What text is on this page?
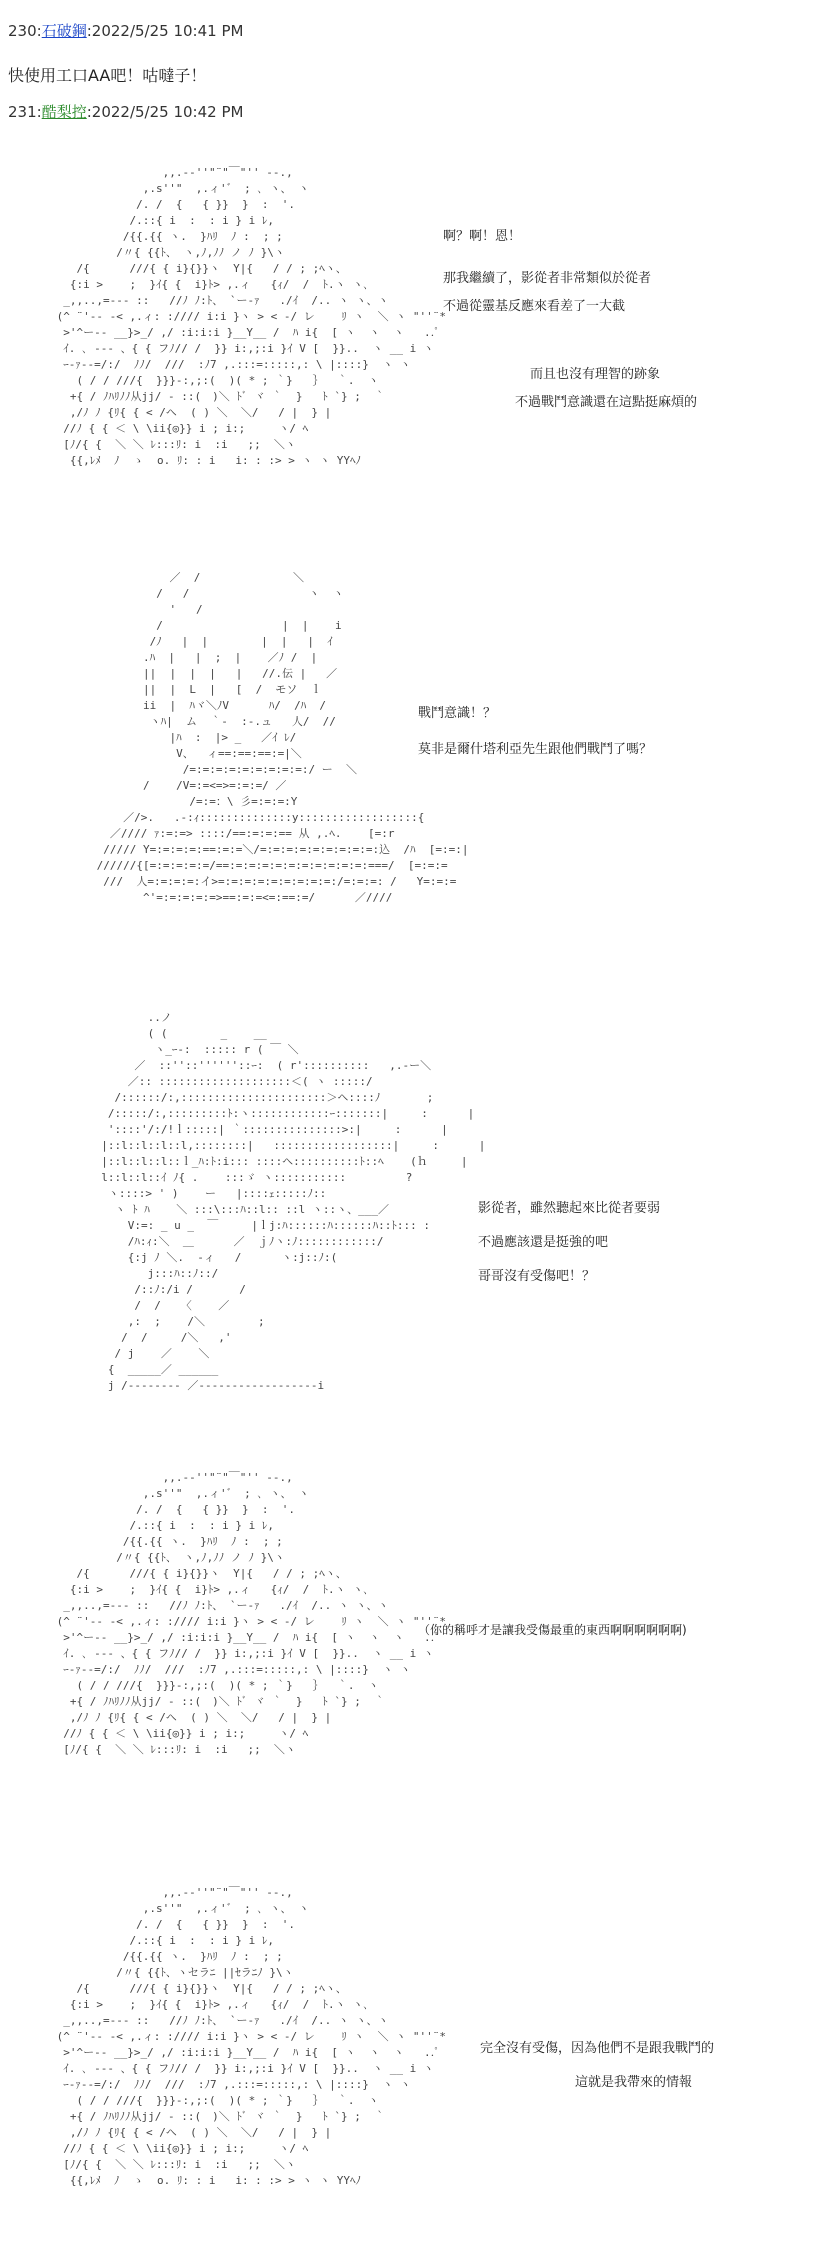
230:石破鋼:2022/5/25 10:41 PM
快使用工口AA吧！咕噠子！
231:酷梨控:2022/5/25 10:42 PM
,,.-‐''"¨"￣"'' ‐-.,
,.s''"  ,.ィ'゛ ; ､ ヽ、 ヽ
/. /  {   { }}  }  :  '.
/.::{ i  :  : i } i ﾚ,
/{{.{{ ヽ.  }ﾊﾘ  ﾉ :  ; ;
/〃{ {{ﾄ、 ヽ,ﾉ,ﾉﾉ ノ ﾉ }\ヽ
/{      ///{ { i}{}}ヽ  Y|{   / / ; ;ﾍヽ、
{:i >    ;  }ｲ{ {  i}ﾄ> ,.ィ   {ｨ/  /  ﾄ.ヽ ヽ､
_,,..,=--‐ ::   //ﾉ ﾉ:ﾄ、 `ー-ｧ   ./ｲ  /.. ヽ ヽ、ヽ
(^ ¨'-- ‐< ,.ィ: ://// i:i }ヽ > < -/ レ    ﾘ ヽ  ＼ ヽ "''¨*
>'^ー-- __}>_/ ,/ :i:i:i }__Y__ /  ﾊ i{  [ ヽ  ヽ  ヽ   ..ﾟ
ｲ. ､ ‐-- 、{ { フﾉ// /  }} i:,;:i }ｲ V [  }}..  ヽ __ i ヽ
ｰ-ｧ-‐=/:/  ﾉﾉ/  ///  :ﾉ7 ,.:::=:::::,: \ |::::}  ヽ ヽ
( / / ///{  }}}-:,;:(  )( * ; ｀}   ｝  ｀.  ヽ
+{ / ﾉﾊﾘﾉﾉ从jj/ - ::(　)＼ ﾄﾞ ヾ ｀  }   ﾄ `} ;  ｀
,/ﾉ ﾉ {ﾘ{ { < /ヘ  ( ) ＼  ＼/   / |  } |
//ﾉ { { ＜ \ \ii{◎}} i ; i:;     ヽ/ ﾍ
[ﾉ/{ {  ＼ ＼ ﾚ:::ﾘ: i  :i   ;;  ＼ヽ
{{,ﾚﾒ  ﾉ  ゝ  o. ﾘ: : i   i: : :> > ヽ ヽ YYﾍﾉ
啊？啊！恩！
那我繼續了，影從者非常類似於從者
不過從靈基反應來看差了一大截
而且也沒有理智的跡象
不過戰鬥意識還在這點挺麻煩的
／  /              ＼
/   /                  ヽ  ヽ
'   /
/                  |  |    i
/ﾉ   |  |        |  |   |  ｲ
.ﾊ  |   |  ;  |    ／ﾉ /  |
||  |  |  |   |   //.伝 |   ／
||  |  L  |   [  /  モソ  ｌ
ii  |  ﾊヾ＼ﾉV      ﾊ/  /ﾊ  /
ヽﾊ|  ム  ｀-  :-.ュ   人/  //
|ﾊ  :  |> _   ／ｲ ﾚ/
V、  ィ==:==:==:=|＼
/=:=:=:=:=:=:=:=:=:/ ー  ＼
/    /V=:=<=>=:=:=/ ／
/=:=：\ 彡=:=:=:Y
／/>.   .-:ｨ::::::::::::::y::::::::::::::::::{
／//// ｧ:=:=> ::::/==:=:=:== 从 ,.ﾍ.    [=:r
///// Y=:=:=:=:==:=:=＼/=:=:=:=:=:=:=:=:=:込  /ﾊ  [=:=:|
//////{[=:=:=:=:=/==:=:=:=:=:=:=:=:=:=:=:===/  [=:=:=
///  人=:=:=:=:イ>=:=:=:=:=:=:=:=:=:/=:=:=: /   Y=:=:=
^'=:=:=:=:=>==:=:=<=:==:=/      ／////
戰鬥意識！？
莫非是爾什塔利亞先生跟他們戰鬥了嗎？
..ノ
( (        _    __
ヽ_ｰ-:  ::::: r ( ￣ ＼
／  ::''::''''''::ｰ:  ( r'::::::::::   ,.-ー＼
／:: ::::::::::::::::::::＜( ヽ :::::/
/::::::/:,::::::::::::::::::::::＞ヘ::::ﾉ       ;
/:::::/:,:::::::::ﾄ:ヽ::::::::::::ｰ:::::::|     :      |
'::::'/:/!ｌ:::::| ｀:::::::::::::::>:|     :      |
|::l::l::l::l,::::::::|   ::::::::::::::::::|     :      |
|::l::l::l::ｌ_ﾊ:ﾄ:i::: ::::ヘ::::::::::ﾄ::ﾍ    (ｈ     |
l::l::l::ｲ ﾉ{ .    :::ゞ ヽ:::::::::::         ?
ヽ::::> ' )    ー   |::::ｪ:::::ﾉ::
ヽ ﾄ ﾊ    ＼ :::\:::ﾊ::l:: ::l ヽ::ヽ、___／
V:=: _ u _  ￣     |ｌj:ﾊ::::::ﾊ::::::ﾊ::ﾄ::: :
/ﾊ:ｨ:＼  ＿      ／  ｊﾉヽ:ﾉ::::::::::::/
{:j ﾉ ＼.  -ィ   /      ヽ:j::ﾉ:(
j:::ﾊ::ﾉ::/
/::ﾉ:/i /       /
/  /   〈    ／
,:  ;    /＼        ;
/  /     /＼   ,'
/ j    ／    ＼
{  _____／ ______
j /-------- ／------------------i
影從者，雖然聽起來比從者要弱
不過應該還是挺強的吧
哥哥沒有受傷吧！？
,,.-‐''"¨"￣"'' ‐-.,
,.s''"  ,.ィ'゛ ; ､ ヽ、 ヽ
/. /  {   { }}  }  :  '.
/.::{ i  :  : i } i ﾚ,
/{{.{{ ヽ.  }ﾊﾘ  ﾉ :  ; ;
/〃{ {{ﾄ、 ヽ,ﾉ,ﾉﾉ ノ ﾉ }\ヽ
/{      ///{ { i}{}}ヽ  Y|{   / / ; ;ﾍヽ、
{:i >    ;  }ｲ{ {  i}ﾄ> ,.ィ   {ｨ/  /  ﾄ.ヽ ヽ､
_,,..,=--‐ ::   //ﾉ ﾉ:ﾄ、 `ー-ｧ   ./ｲ  /.. ヽ ヽ、ヽ
(^ ¨'-- ‐< ,.ィ: ://// i:i }ヽ > < -/ レ    ﾘ ヽ  ＼ ヽ "''¨*
>'^ー-- __}>_/ ,/ :i:i:i }__Y__ /  ﾊ i{  [ ヽ  ヽ  ヽ   ..ﾟ
ｲ. ､ ‐-- 、{ { フﾉ// /  }} i:,;:i }ｲ V [  }}..  ヽ __ i ヽ
ｰ-ｧ-‐=/:/  ﾉﾉ/  ///  :ﾉ7 ,.:::=:::::,: \ |::::}  ヽ ヽ
( / / ///{  }}}-:,;:(  )( * ; ｀}   ｝  ｀.  ヽ
+{ / ﾉﾊﾘﾉﾉ从jj/ - ::(　)＼ ﾄﾞ ヾ ｀  }   ﾄ `} ;  ｀
,/ﾉ ﾉ {ﾘ{ { < /ヘ  ( ) ＼  ＼/   / |  } |
//ﾉ { { ＜ \ \ii{◎}} i ; i:;     ヽ/ ﾍ
[ﾉ/{ {  ＼ ＼ ﾚ:::ﾘ: i  :i   ;;  ＼ヽ
（你的稱呼才是讓我受傷最重的東西啊啊啊啊啊啊)
,,.-‐''"¨"￣"'' ‐-.,
,.s''"  ,.ィ'゛ ; ､ ヽ、 ヽ
/. /  {   { }}  }  :  '.
/.::{ i  :  : i } i ﾚ,
/{{.{{ ヽ.  }ﾊﾘ  ﾉ :  ; ;
/〃{ {{ﾄ、ヽセラﾆ ||ｾラﾆﾉ }\ヽ
/{      ///{ { i}{}}ヽ  Y|{   / / ; ;ﾍヽ、
{:i >    ;  }ｲ{ {  i}ﾄ> ,.ィ   {ｨ/  /  ﾄ.ヽ ヽ､
_,,..,=--‐ ::   //ﾉ ﾉ:ﾄ、 `ー-ｧ   ./ｲ  /.. ヽ ヽ、ヽ
(^ ¨'-- ‐< ,.ィ: ://// i:i }ヽ > < -/ レ    ﾘ ヽ  ＼ ヽ "''¨*
>'^ー-- __}>_/ ,/ :i:i:i }__Y__ /  ﾊ i{  [ ヽ  ヽ  ヽ   ..ﾟ
ｲ. ､ ‐-- 、{ { フﾉ// /  }} i:,;:i }ｲ V [  }}..  ヽ __ i ヽ
ｰ-ｧ-‐=/:/  ﾉﾉ/  ///  :ﾉ7 ,.:::=:::::,: \ |::::}  ヽ ヽ
( / / ///{  }}}-:,;:(  )( * ; ｀}   ｝  ｀.  ヽ
+{ / ﾉﾊﾘﾉﾉ从jj/ - ::(　)＼ ﾄﾞ ヾ ｀  }   ﾄ `} ;  ｀
,/ﾉ ﾉ {ﾘ{ { < /ヘ  ( ) ＼  ＼/   / |  } |
//ﾉ { { ＜ \ \ii{◎}} i ; i:;     ヽ/ ﾍ
[ﾉ/{ {  ＼ ＼ ﾚ:::ﾘ: i  :i   ;;  ＼ヽ
{{,ﾚﾒ  ﾉ  ゝ  o. ﾘ: : i   i: : :> > ヽ ヽ YYﾍﾉ
完全沒有受傷，因為他們不是跟我戰鬥的
這就是我帶來的情報
